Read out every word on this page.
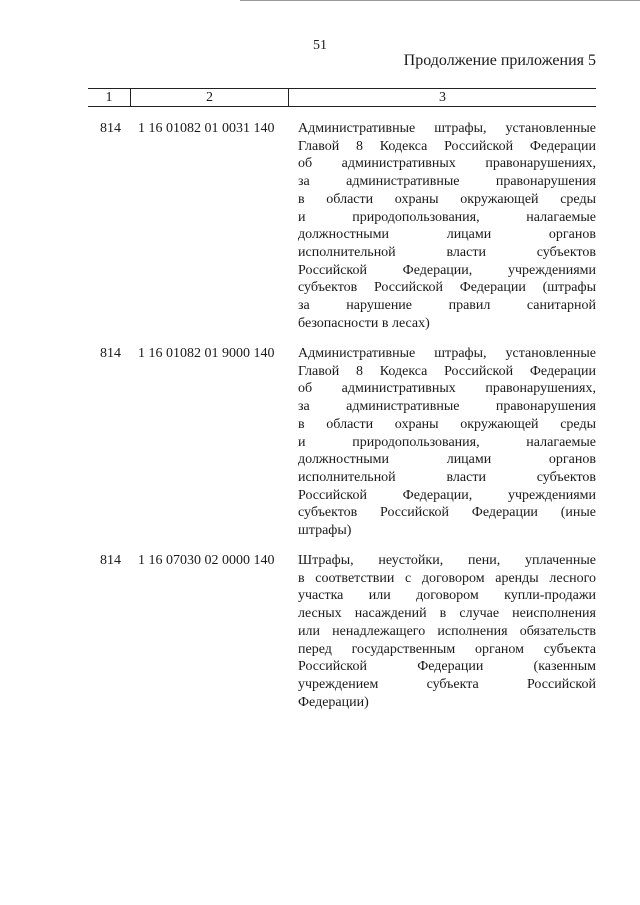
51
Продолжение приложения 5
1	2	3
814 1 16 01082 01 0031 140 Административные штрафы, установленные
Главой 8 Кодекса Российской Федерации
об административных правонарушениях,
за административные правонарушения
в области охраны окружающей среды
и природопользования, налагаемые
должностными лицами органов
исполнительной власти субъектов
Российской Федерации, учреждениями
субъектов Российской Федерации (штрафы
за нарушение правил санитарной
безопасности в лесах)
814 1 16 01082 01 9000 140 Административные штрафы, установленные
Главой 8 Кодекса Российской Федерации
об административных правонарушениях,
за административные правонарушения
в области охраны окружающей среды
и природопользования, налагаемые
должностными лицами органов
исполнительной власти субъектов
Российской Федерации, учреждениями
субъектов Российской Федерации (иные
штрафы)
814 1 16 07030 02 0000 140 Штрафы, неустойки, пени, уплаченные
в соответствии с договором аренды лесного
участка или договором купли-продажи
лесных насаждений в случае неисполнения
или ненадлежащего исполнения обязательств
перед государственным органом субъекта
Российской Федерации (казенным
учреждением субъекта Российской
Федерации)
